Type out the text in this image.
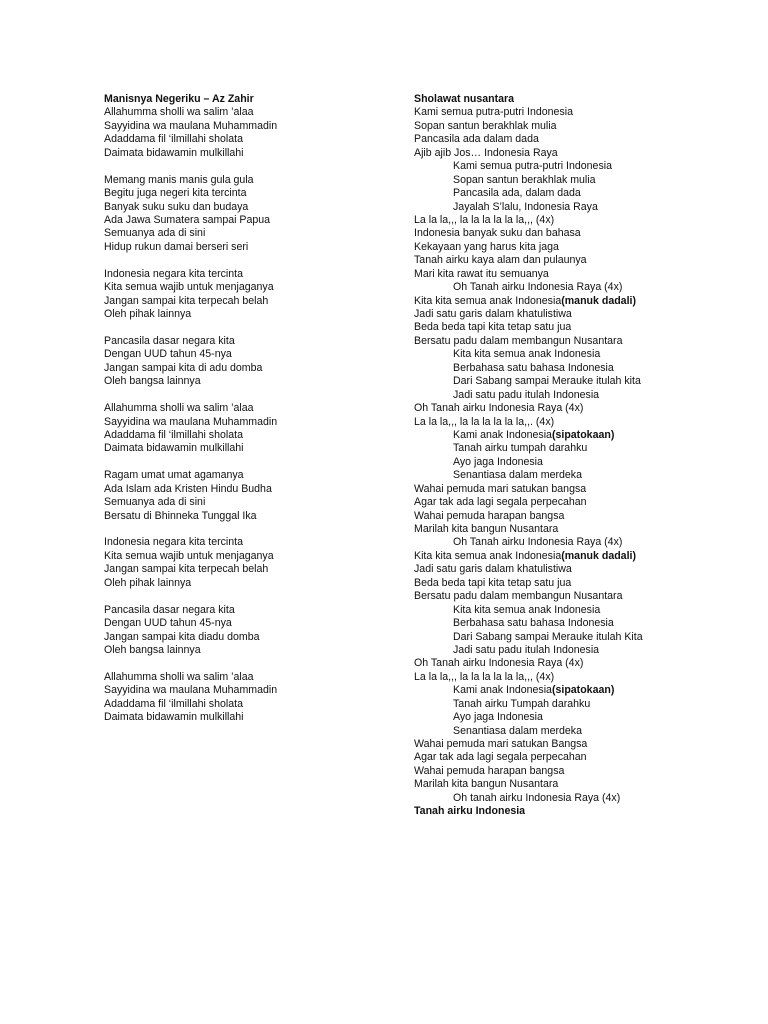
Manisnya Negeriku – Az Zahir
Allahumma sholli wa salim ’alaa
Sayyidina wa maulana Muhammadin
Adaddama fil ‘ilmillahi sholata
Daimata bidawamin mulkillahi
Memang manis manis gula gula
Begitu juga negeri kita tercinta
Banyak suku suku dan budaya
Ada Jawa Sumatera sampai Papua
Semuanya ada di sini
Hidup rukun damai berseri seri
Indonesia negara kita tercinta
Kita semua wajib untuk menjaganya
Jangan sampai kita terpecah belah
Oleh pihak lainnya
Pancasila dasar negara kita
Dengan UUD tahun 45-nya
Jangan sampai kita di adu domba
Oleh bangsa lainnya
Allahumma sholli wa salim ’alaa
Sayyidina wa maulana Muhammadin
Adaddama fil ‘ilmillahi sholata
Daimata bidawamin mulkillahi
Ragam umat umat agamanya
Ada Islam ada Kristen Hindu Budha
Semuanya ada di sini
Bersatu di Bhinneka Tunggal Ika
Indonesia negara kita tercinta
Kita semua wajib untuk menjaganya
Jangan sampai kita terpecah belah
Oleh pihak lainnya
Pancasila dasar negara kita
Dengan UUD tahun 45-nya
Jangan sampai kita diadu domba
Oleh bangsa lainnya
Allahumma sholli wa salim ’alaa
Sayyidina wa maulana Muhammadin
Adaddama fil ‘ilmillahi sholata
Daimata bidawamin mulkillahi
Sholawat nusantara
Kami semua putra-putri Indonesia
Sopan santun berakhlak mulia
Pancasila ada dalam dada
Ajib ajib Jos… Indonesia Raya
Kami semua putra-putri Indonesia
Sopan santun berakhlak mulia
Pancasila ada, dalam dada
Jayalah S’lalu, Indonesia Raya
La la la,,, la la la la la la,,, (4x)
Indonesia banyak suku dan bahasa
Kekayaan yang harus kita jaga
Tanah airku kaya alam dan pulaunya
Mari kita rawat itu semuanya
Oh Tanah airku Indonesia Raya (4x)
Kita kita semua anak Indonesia(manuk dadali)
Jadi satu garis dalam khatulistiwa
Beda beda tapi kita tetap satu jua
Bersatu padu dalam membangun Nusantara
Kita kita semua anak Indonesia
Berbahasa satu bahasa Indonesia
Dari Sabang sampai Merauke itulah kita
Jadi satu padu itulah Indonesia
Oh Tanah airku Indonesia Raya (4x)
La la la,,, la la la la la la,,. (4x)
Kami anak Indonesia(sipatokaan)
Tanah airku tumpah darahku
Ayo jaga Indonesia
Senantiasa dalam merdeka
Wahai pemuda mari satukan bangsa
Agar tak ada lagi segala perpecahan
Wahai pemuda harapan bangsa
Marilah kita bangun Nusantara
Oh Tanah airku Indonesia Raya (4x)
Kita kita semua anak Indonesia(manuk dadali)
Jadi satu garis dalam khatulistiwa
Beda beda tapi kita tetap satu jua
Bersatu padu dalam membangun Nusantara
Kita kita semua anak Indonesia
Berbahasa satu bahasa Indonesia
Dari Sabang sampai Merauke itulah Kita
Jadi satu padu itulah Indonesia
Oh Tanah airku Indonesia Raya (4x)
La la la,,, la la la la la la,,, (4x)
Kami anak Indonesia(sipatokaan)
Tanah airku Tumpah darahku
Ayo jaga Indonesia
Senantiasa dalam merdeka
Wahai pemuda mari satukan Bangsa
Agar tak ada lagi segala perpecahan
Wahai pemuda harapan bangsa
Marilah kita bangun Nusantara
Oh tanah airku Indonesia Raya (4x)
Tanah airku Indonesia
